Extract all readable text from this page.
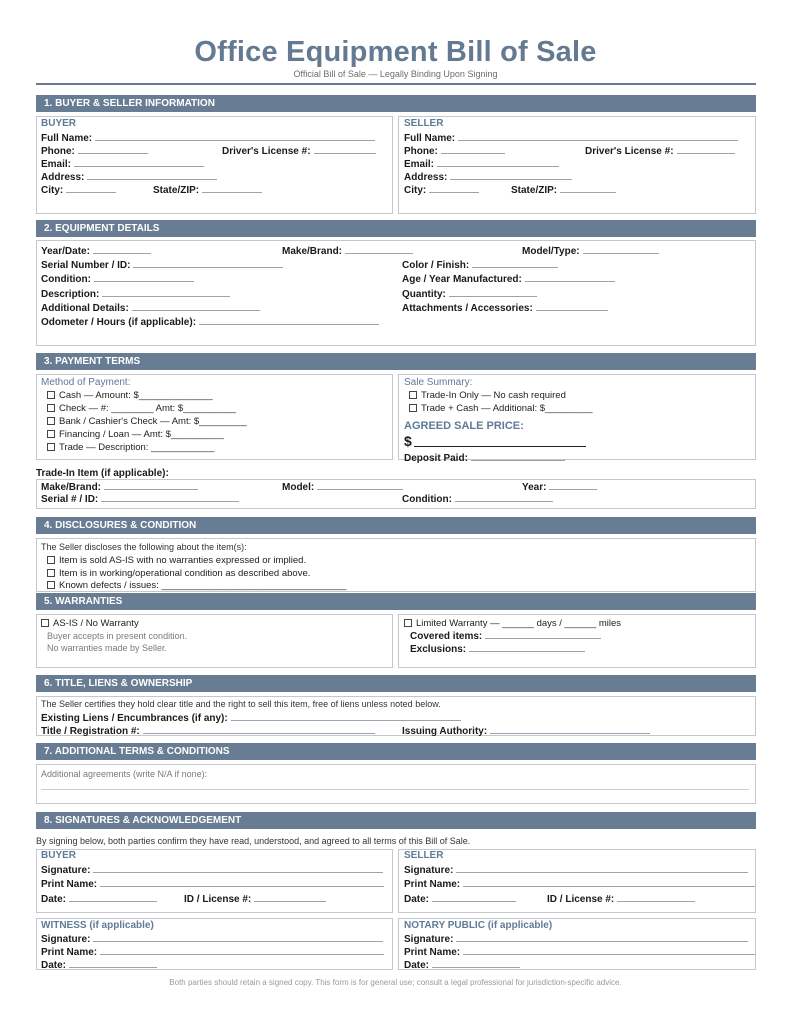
Office Equipment Bill of Sale
Official Bill of Sale — Legally Binding Upon Signing
1. BUYER & SELLER INFORMATION
BUYER
Full Name:
Phone:	Driver's License #:
Email:
Address:
City:	State/ZIP:
SELLER
Full Name:
Phone:	Driver's License #:
Email:
Address:
City:	State/ZIP:
2. EQUIPMENT DETAILS
Year/Date:	Make/Brand:	Model/Type:
Serial Number / ID:	Color / Finish:
Condition:	Age / Year Manufactured:
Description:	Quantity:
Additional Details:	Attachments / Accessories:
Odometer / Hours (if applicable):
3. PAYMENT TERMS
Method of Payment:
Cash — Amount: $______________
Check — #: ________ Amt: $__________
Bank / Cashier's Check — Amt: $_________
Financing / Loan — Amt: $__________
Trade — Description: ____________
Sale Summary:
Trade-In Only — No cash required
Trade + Cash — Additional: $_________
AGREED SALE PRICE:
$
Deposit Paid:
Trade-In Item (if applicable):
Make/Brand:	Model:	Year:
Serial # / ID:	Condition:
4. DISCLOSURES & CONDITION
The Seller discloses the following about the item(s):
Item is sold AS-IS with no warranties expressed or implied.
Item is in working/operational condition as described above.
Known defects / issues: ___________________________________
5. WARRANTIES
AS-IS / No Warranty
Buyer accepts in present condition.
No warranties made by Seller.
Limited Warranty — ______ days / ______ miles
Covered items:
Exclusions:
6. TITLE, LIENS & OWNERSHIP
The Seller certifies they hold clear title and the right to sell this item, free of liens unless noted below.
Existing Liens / Encumbrances (if any):
Title / Registration #:	Issuing Authority:
7. ADDITIONAL TERMS & CONDITIONS
Additional agreements (write N/A if none):
8. SIGNATURES & ACKNOWLEDGEMENT
By signing below, both parties confirm they have read, understood, and agreed to all terms of this Bill of Sale.
BUYER
Signature:
Print Name:
Date:	ID / License #:
SELLER
Signature:
Print Name:
Date:	ID / License #:
WITNESS (if applicable)
Signature:
Print Name:
Date:
NOTARY PUBLIC (if applicable)
Signature:
Print Name:
Date:
Both parties should retain a signed copy. This form is for general use; consult a legal professional for jurisdiction-specific advice.
